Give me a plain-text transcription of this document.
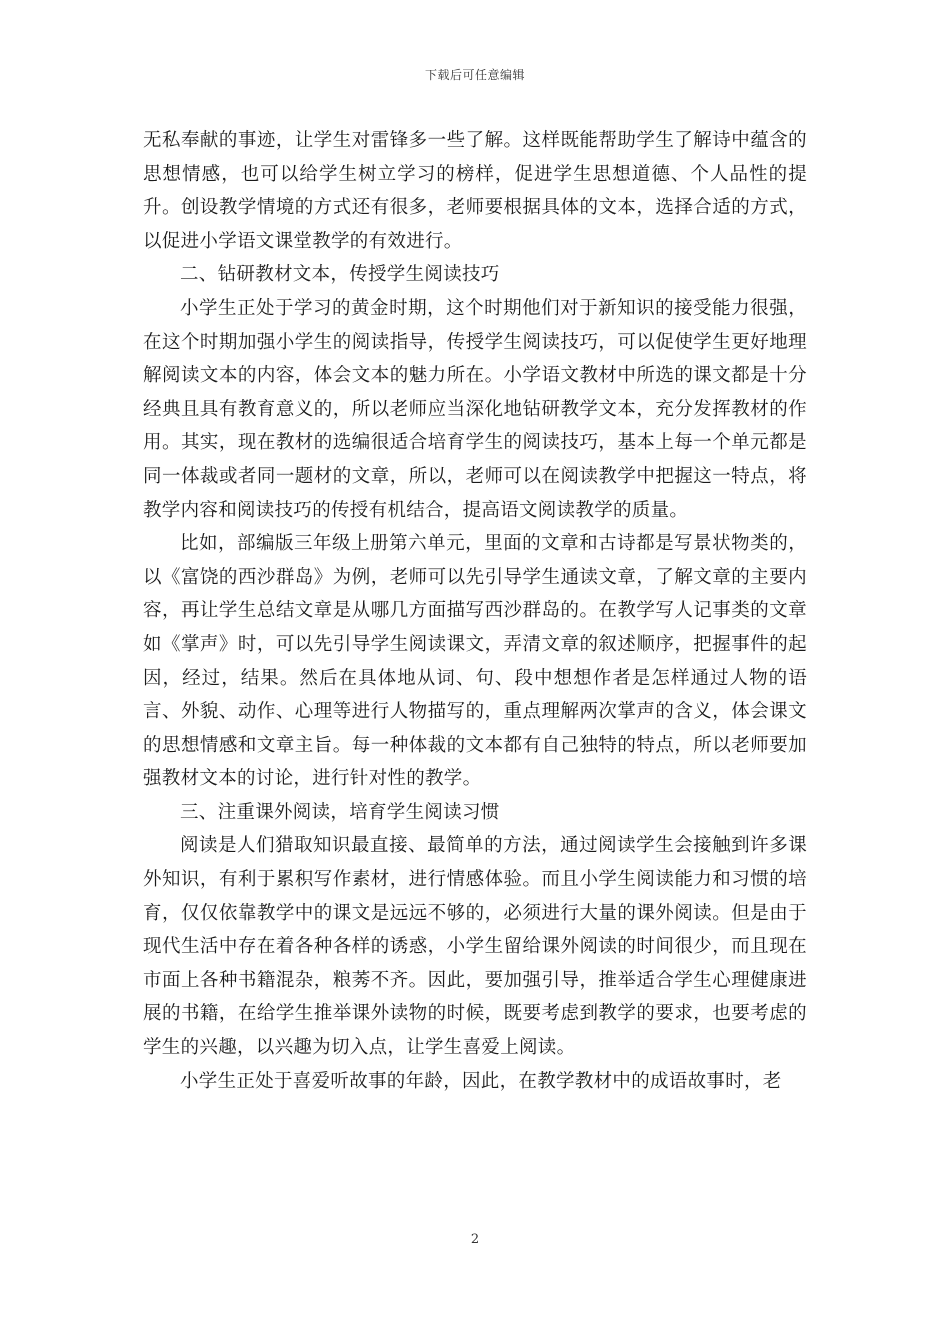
下载后可任意编辑

无私奉献的事迹，让学生对雷锋多一些了解。这样既能帮助学生了解诗中蕴含的思想情感，也可以给学生树立学习的榜样，促进学生思想道德、个人品性的提升。创设教学情境的方式还有很多，老师要根据具体的文本，选择合适的方式，以促进小学语文课堂教学的有效进行。

二、钻研教材文本，传授学生阅读技巧

小学生正处于学习的黄金时期，这个时期他们对于新知识的接受能力很强，在这个时期加强小学生的阅读指导，传授学生阅读技巧，可以促使学生更好地理解阅读文本的内容，体会文本的魅力所在。小学语文教材中所选的课文都是十分经典且具有教育意义的，所以老师应当深化地钻研教学文本，充分发挥教材的作用。其实，现在教材的选编很适合培育学生的阅读技巧，基本上每一个单元都是同一体裁或者同一题材的文章，所以，老师可以在阅读教学中把握这一特点，将教学内容和阅读技巧的传授有机结合，提高语文阅读教学的质量。

比如，部编版三年级上册第六单元，里面的文章和古诗都是写景状物类的，以《富饶的西沙群岛》为例，老师可以先引导学生通读文章，了解文章的主要内容，再让学生总结文章是从哪几方面描写西沙群岛的。在教学写人记事类的文章如《掌声》时，可以先引导学生阅读课文，弄清文章的叙述顺序，把握事件的起因，经过，结果。然后在具体地从词、句、段中想想作者是怎样通过人物的语言、外貌、动作、心理等进行人物描写的，重点理解两次掌声的含义，体会课文的思想情感和文章主旨。每一种体裁的文本都有自己独特的特点，所以老师要加强教材文本的讨论，进行针对性的教学。

三、注重课外阅读，培育学生阅读习惯

阅读是人们猎取知识最直接、最简单的方法，通过阅读学生会接触到许多课外知识，有利于累积写作素材，进行情感体验。而且小学生阅读能力和习惯的培育，仅仅依靠教学中的课文是远远不够的，必须进行大量的课外阅读。但是由于现代生活中存在着各种各样的诱惑，小学生留给课外阅读的时间很少，而且现在市面上各种书籍混杂，粮莠不齐。因此，要加强引导，推举适合学生心理健康进展的书籍，在给学生推举课外读物的时候，既要考虑到教学的要求，也要考虑的学生的兴趣，以兴趣为切入点，让学生喜爱上阅读。

小学生正处于喜爱听故事的年龄，因此，在教学教材中的成语故事时，老

2
